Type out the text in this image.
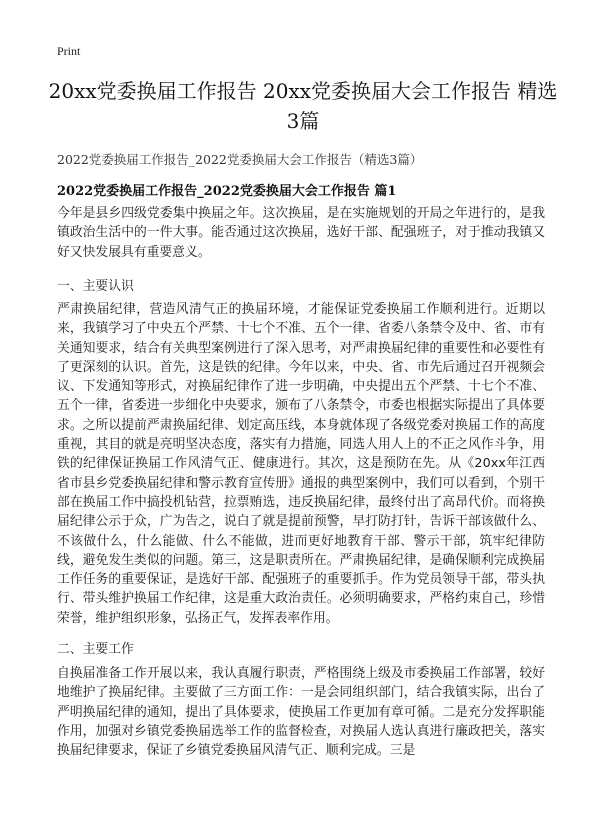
Print
20xx党委换届工作报告 20xx党委换届大会工作报告 精选3篇
2022党委换届工作报告_2022党委换届大会工作报告（精选3篇）
2022党委换届工作报告_2022党委换届大会工作报告 篇1

今年是县乡四级党委集中换届之年。这次换届，是在实施规划的开局之年进行的，是我镇政治生活中的一件大事。能否通过这次换届，选好干部、配强班子，对于推动我镇又好又快发展具有重要意义。

一、主要认识

严肃换届纪律，营造风清气正的换届环境，才能保证党委换届工作顺利进行。近期以来，我镇学习了中央五个严禁、十七个不准、五个一律、省委八条禁令及中、省、市有关通知要求，结合有关典型案例进行了深入思考，对严肃换届纪律的重要性和必要性有了更深刻的认识。首先，这是铁的纪律。今年以来，中央、省、市先后通过召开视频会议、下发通知等形式，对换届纪律作了进一步明确，中央提出五个严禁、十七个不准、五个一律，省委进一步细化中央要求，颁布了八条禁令，市委也根据实际提出了具体要求。之所以提前严肃换届纪律、划定高压线，本身就体现了各级党委对换届工作的高度重视，其目的就是亮明坚决态度，落实有力措施，同选人用人上的不正之风作斗争，用铁的纪律保证换届工作风清气正、健康进行。其次，这是预防在先。从《20xx年江西省市县乡党委换届纪律和警示教育宣传册》通报的典型案例中，我们可以看到，个别干部在换届工作中搞投机钻营，拉票贿选，违反换届纪律，最终付出了高昂代价。而将换届纪律公示于众，广为告之，说白了就是提前预警，早打防打针，告诉干部该做什么、不该做什么，什么能做、什么不能做，进而更好地教育干部、警示干部，筑牢纪律防线，避免发生类似的问题。第三，这是职责所在。严肃换届纪律，是确保顺利完成换届工作任务的重要保证，是选好干部、配强班子的重要抓手。作为党员领导干部，带头执行、带头维护换届工作纪律，这是重大政治责任。必须明确要求，严格约束自己，珍惜荣誉，维护组织形象，弘扬正气，发挥表率作用。

二、主要工作

自换届准备工作开展以来，我认真履行职责，严格围绕上级及市委换届工作部署，较好地维护了换届纪律。主要做了三方面工作：一是会同组织部门，结合我镇实际，出台了严明换届纪律的通知，提出了具体要求，使换届工作更加有章可循。二是充分发挥职能作用，加强对乡镇党委换届选举工作的监督检查，对换届人选认真进行廉政把关，落实换届纪律要求，保证了乡镇党委换届风清气正、顺利完成。三是
